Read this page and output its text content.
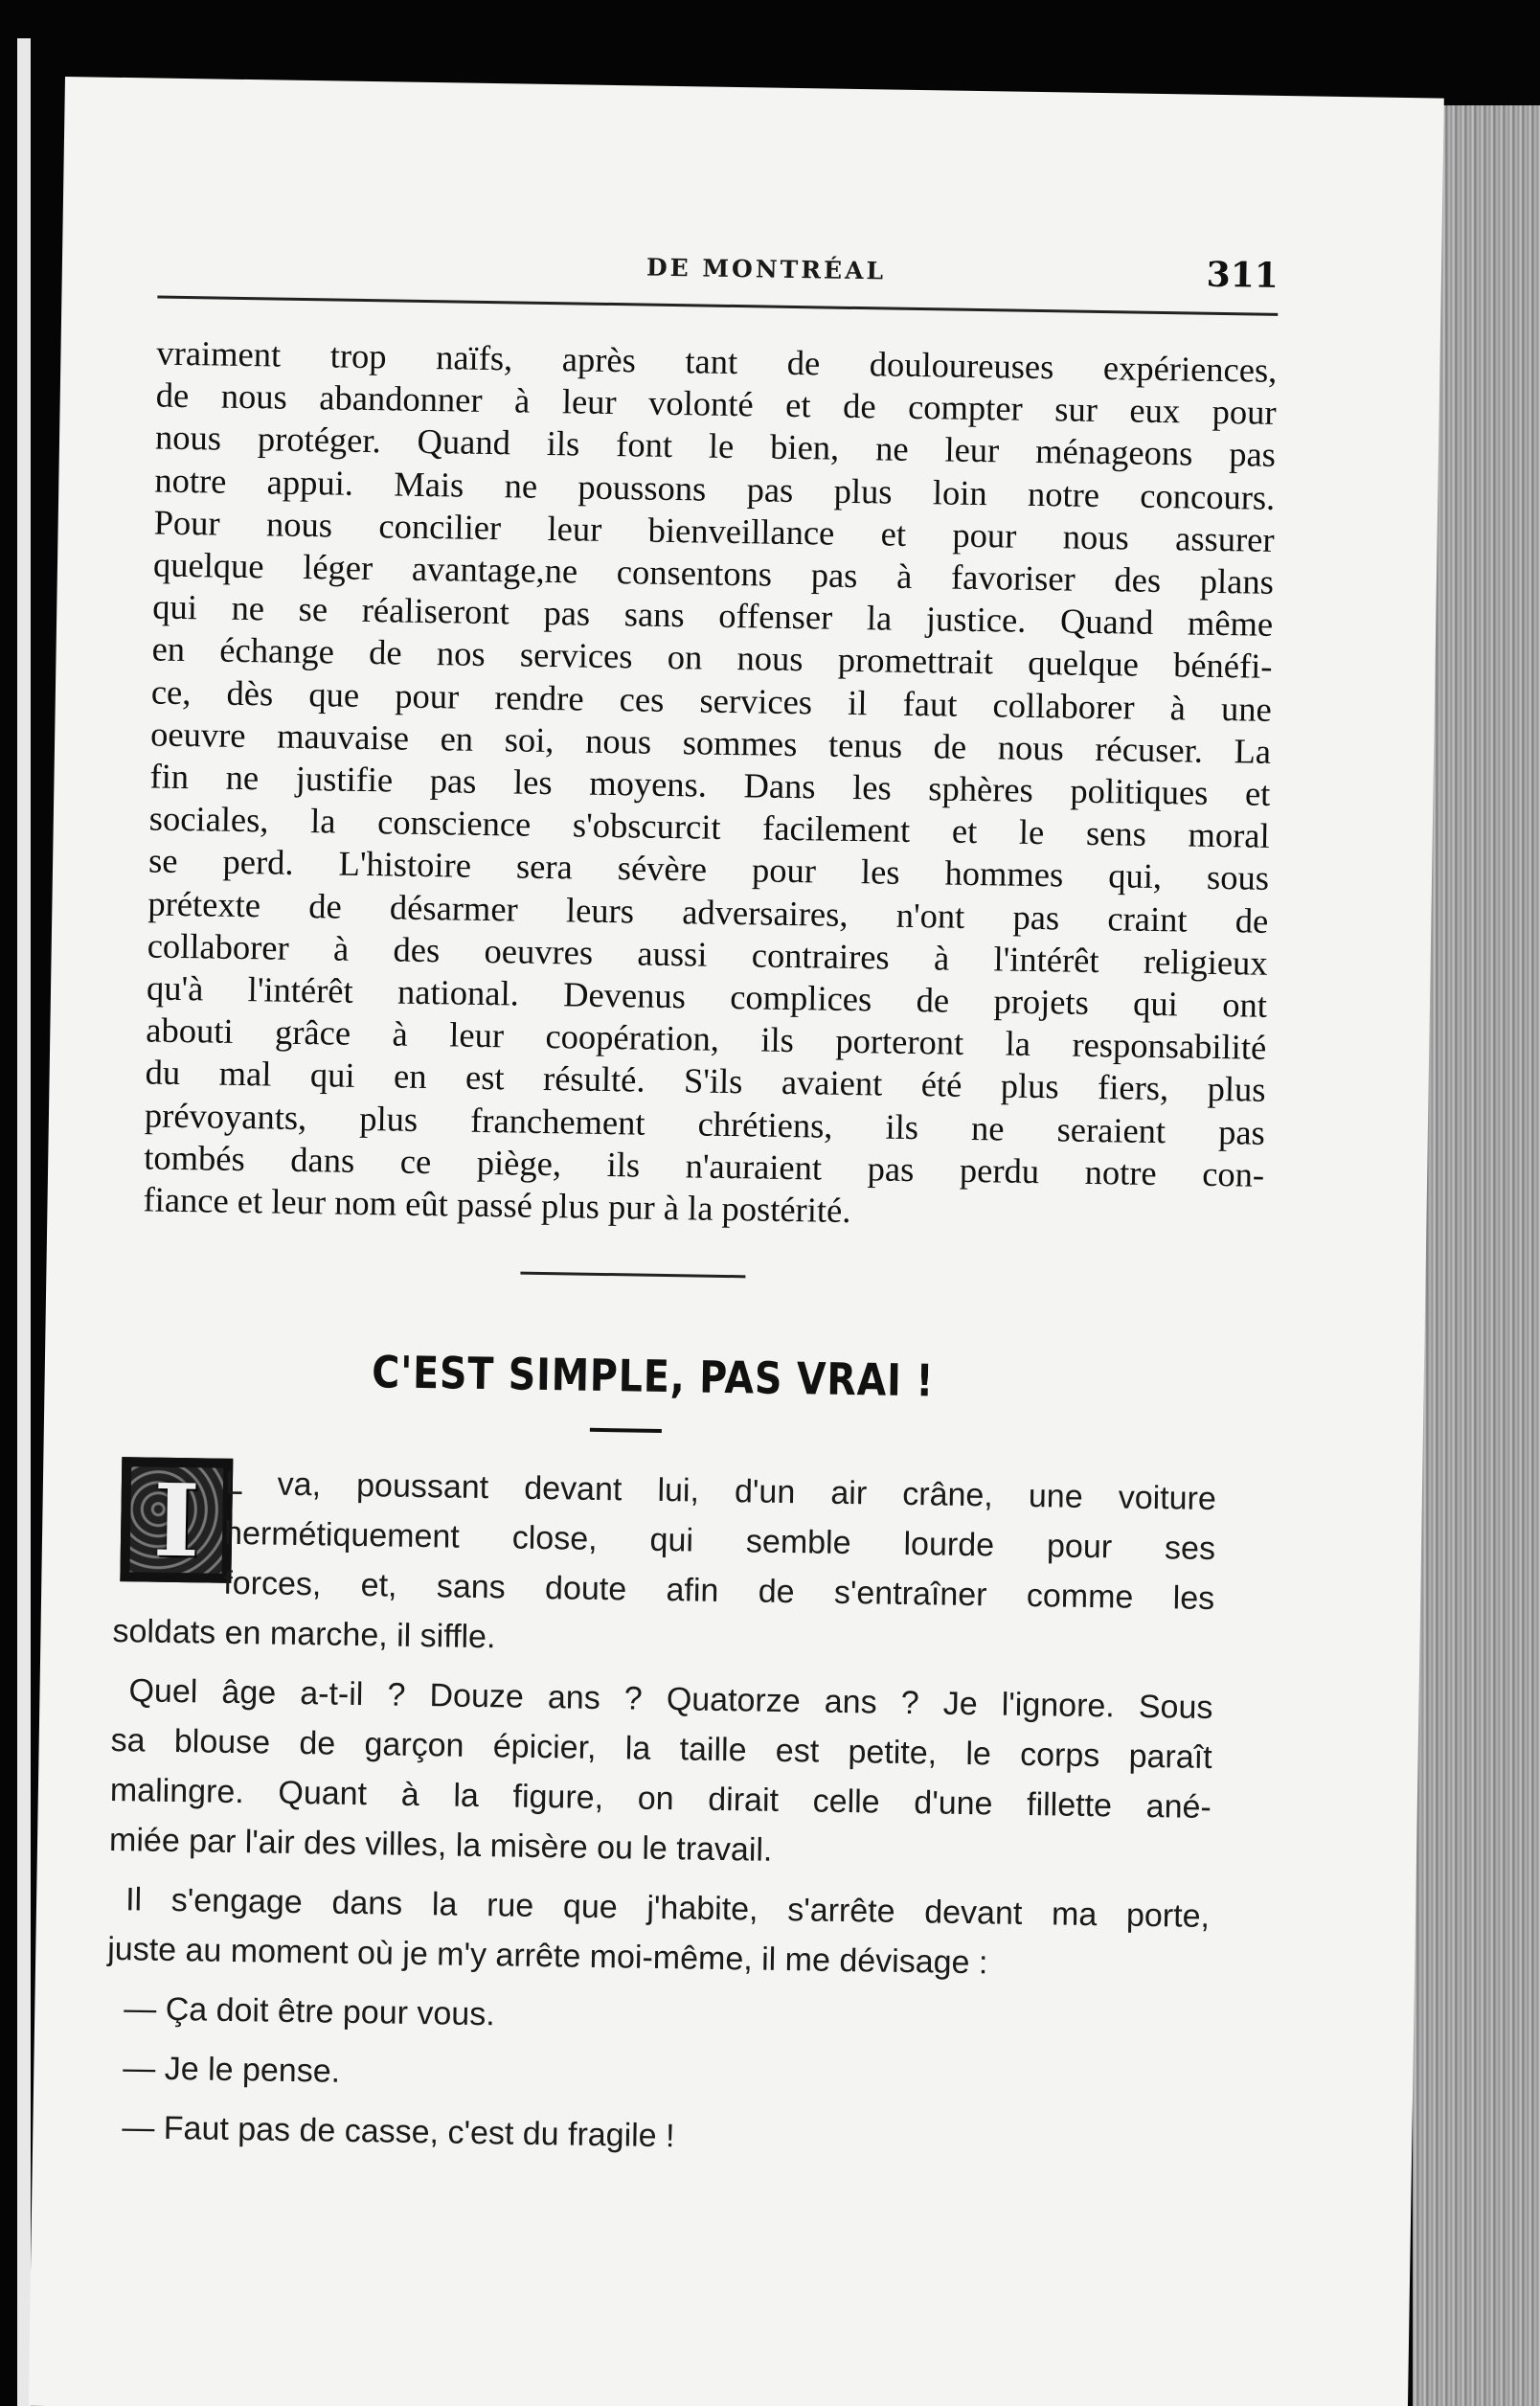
DE MONTRÉAL	311
vraiment trop naïfs, après tant de douloureuses expériences,
de nous abandonner à leur volonté et de compter sur eux pour
nous protéger. Quand ils font le bien, ne leur ménageons pas
notre appui. Mais ne poussons pas plus loin notre concours.
Pour nous concilier leur bienveillance et pour nous assurer
quelque léger avantage,ne consentons pas à favoriser des plans
qui ne se réaliseront pas sans offenser la justice. Quand même
en échange de nos services on nous promettrait quelque bénéfi-
ce, dès que pour rendre ces services il faut collaborer à une
oeuvre mauvaise en soi, nous sommes tenus de nous récuser. La
fin ne justifie pas les moyens. Dans les sphères politiques et
sociales, la conscience s'obscurcit facilement et le sens moral
se perd. L'histoire sera sévère pour les hommes qui, sous
prétexte de désarmer leurs adversaires, n'ont pas craint de
collaborer à des oeuvres aussi contraires à l'intérêt religieux
qu'à l'intérêt national. Devenus complices de projets qui ont
abouti grâce à leur coopération, ils porteront la responsabilité
du mal qui en est résulté. S'ils avaient été plus fiers, plus
prévoyants, plus franchement chrétiens, ils ne seraient pas
tombés dans ce piège, ils n'auraient pas perdu notre con-
fiance et leur nom eût passé plus pur à la postérité.
C'EST SIMPLE, PAS VRAI !
I L va, poussant devant lui, d'un air crâne, une voiture
hermétiquement close, qui semble lourde pour ses
forces, et, sans doute afin de s'entraîner comme les
soldats en marche, il siffle.
Quel âge a-t-il ? Douze ans ? Quatorze ans ? Je l'ignore. Sous
sa blouse de garçon épicier, la taille est petite, le corps paraît
malingre. Quant à la figure, on dirait celle d'une fillette ané-
miée par l'air des villes, la misère ou le travail.
Il s'engage dans la rue que j'habite, s'arrête devant ma porte,
juste au moment où je m'y arrête moi-même, il me dévisage :
— Ça doit être pour vous.
— Je le pense.
— Faut pas de casse, c'est du fragile !
